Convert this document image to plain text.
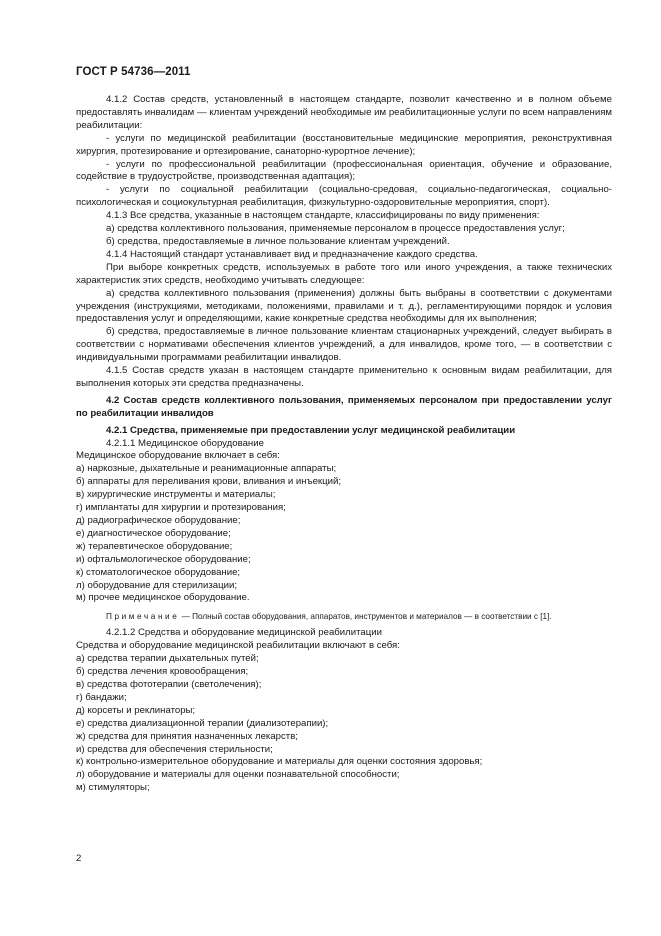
ГОСТ Р 54736—2011

4.1.2 Состав средств, установленный в настоящем стандарте, позволит качественно и в полном объеме предоставлять инвалидам — клиентам учреждений необходимые им реабилитационные услуги по всем направлениям реабилитации:

- услуги по медицинской реабилитации (восстановительные медицинские мероприятия, реконструктивная хирургия, протезирование и ортезирование, санаторно-курортное лечение);

- услуги по профессиональной реабилитации (профессиональная ориентация, обучение и образование, содействие в трудоустройстве, производственная адаптация);

- услуги по социальной реабилитации (социально-средовая, социально-педагогическая, социально-психологическая и социокультурная реабилитация, физкультурно-оздоровительные мероприятия, спорт).

4.1.3 Все средства, указанные в настоящем стандарте, классифицированы по виду применения:

а) средства коллективного пользования, применяемые персоналом в процессе предоставления услуг;

б) средства, предоставляемые в личное пользование клиентам учреждений.

4.1.4 Настоящий стандарт устанавливает вид и предназначение каждого средства.

При выборе конкретных средств, используемых в работе того или иного учреждения, а также технических характеристик этих средств, необходимо учитывать следующее:

а) средства коллективного пользования (применения) должны быть выбраны в соответствии с документами учреждения (инструкциями, методиками, положениями, правилами и т. д.), регламентирующими порядок и условия предоставления услуг и определяющими, какие конкретные средства необходимы для их выполнения;

б) средства, предоставляемые в личное пользование клиентам стационарных учреждений, следует выбирать в соответствии с нормативами обеспечения клиентов учреждений, а для инвалидов, кроме того, — в соответствии с индивидуальными программами реабилитации инвалидов.

4.1.5 Состав средств указан в настоящем стандарте применительно к основным видам реабилитации, для выполнения которых эти средства предназначены.

4.2 Состав средств коллективного пользования, применяемых персоналом при предоставлении услуг по реабилитации инвалидов

4.2.1 Средства, применяемые при предоставлении услуг медицинской реабилитации

4.2.1.1 Медицинское оборудование

Медицинское оборудование включает в себя:

а) наркозные, дыхательные и реанимационные аппараты;

б) аппараты для переливания крови, вливания и инъекций;

в) хирургические инструменты и материалы;

г) имплантаты для хирургии и протезирования;

д) радиографическое оборудование;

е) диагностическое оборудование;

ж) терапевтическое оборудование;

и) офтальмологическое оборудование;

к) стоматологическое оборудование;

л) оборудование для стерилизации;

м) прочее медицинское оборудование.

Примечание — Полный состав оборудования, аппаратов, инструментов и материалов — в соответствии с [1].

4.2.1.2 Средства и оборудование медицинской реабилитации

Средства и оборудование медицинской реабилитации включают в себя:

а) средства терапии дыхательных путей;

б) средства лечения кровообращения;

в) средства фототерапии (светолечения);

г) бандажи;

д) корсеты и реклинаторы;

е) средства диализационной терапии (диализотерапии);

ж) средства для принятия назначенных лекарств;

и) средства для обеспечения стерильности;

к) контрольно-измерительное оборудование и материалы для оценки состояния здоровья;

л) оборудование и материалы для оценки познавательной способности;

м) стимуляторы;

2
